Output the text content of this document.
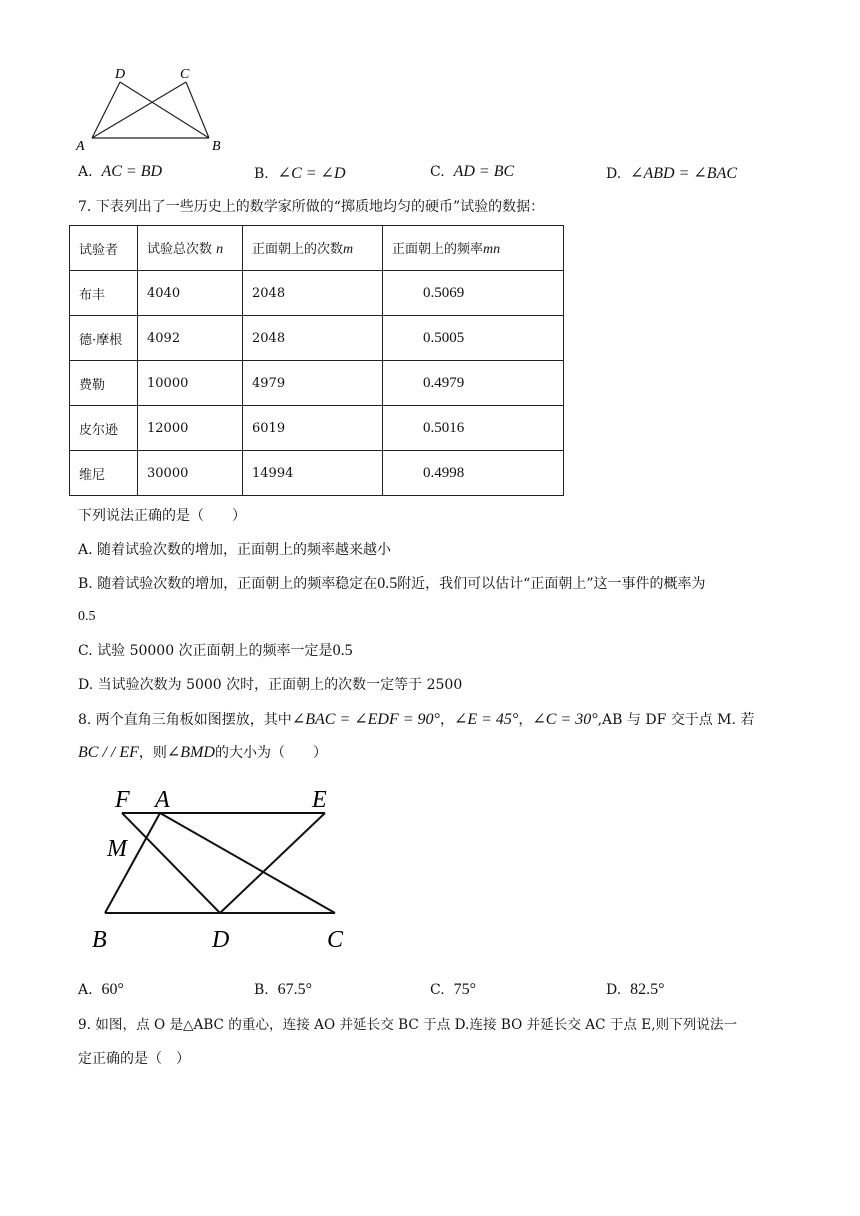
D	C
A	B
A. AC = BD	B. ∠C = ∠D	C. AD = BC	D. ∠ABD = ∠BAC
7. 下表列出了一些历史上的数学家所做的“掷质地均匀的硬币”试验的数据：
试验者	试验总次数 n	正面朝上的次数m	正面朝上的频率mn
布丰	4040	2048	0.5069
德·摩根	4092	2048	0.5005
费勒	10000	4979	0.4979
皮尔逊	12000	6019	0.5016
维尼	30000	14994	0.4998
下列说法正确的是（　　）
A. 随着试验次数的增加，正面朝上的频率越来越小
B. 随着试验次数的增加，正面朝上的频率稳定在0.5附近，我们可以估计“正面朝上”这一事件的概率为
0.5
C. 试验 50000 次正面朝上的频率一定是0.5
D. 当试验次数为 5000 次时，正面朝上的次数一定等于 2500
8. 两个直角三角板如图摆放，其中∠BAC = ∠EDF = 90°，∠E = 45°，∠C = 30°,AB 与 DF 交于点 M. 若
BC / / EF，则∠BMD的大小为（　　）
F A	E
M
B	D	C
A. 60°	B. 67.5°	C. 75°	D. 82.5°
9. 如图，点 O 是△ABC 的重心，连接 AO 并延长交 BC 于点 D.连接 BO 并延长交 AC 于点 E,则下列说法一
定正确的是（　）
